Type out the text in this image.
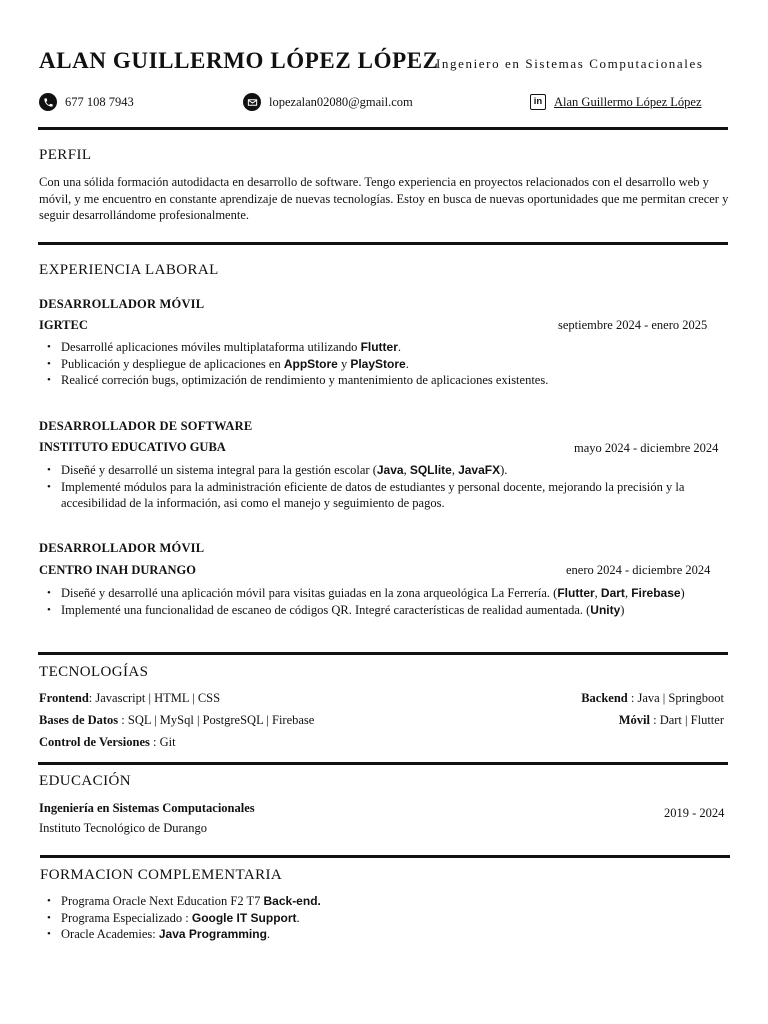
ALAN GUILLERMO LÓPEZ LÓPEZ
Ingeniero en Sistemas Computacionales
677 108 7943	lopezalan02080@gmail.com	in Alan Guillermo López López
PERFIL
Con una sólida formación autodidacta en desarrollo de software. Tengo experiencia en proyectos relacionados con el desarrollo web y móvil, y me encuentro en constante aprendizaje de nuevas tecnologías. Estoy en busca de nuevas oportunidades que me permitan crecer y seguir desarrollándome profesionalmente.
EXPERIENCIA LABORAL
DESARROLLADOR MÓVIL
IGRTEC	septiembre 2024 - enero 2025
• Desarrollé aplicaciones móviles multiplataforma utilizando Flutter.
• Publicación y despliegue de aplicaciones en AppStore y PlayStore.
• Realicé correción bugs, optimización de rendimiento y mantenimiento de aplicaciones existentes.
DESARROLLADOR DE SOFTWARE
INSTITUTO EDUCATIVO GUBA	mayo 2024 - diciembre 2024
• Diseñé y desarrollé un sistema integral para la gestión escolar (Java, SQLlite, JavaFX).
• Implementé módulos para la administración eficiente de datos de estudiantes y personal docente, mejorando la precisión y la accesibilidad de la información, asi como el manejo y seguimiento de pagos.
DESARROLLADOR MÓVIL
CENTRO INAH DURANGO	enero 2024 - diciembre 2024
• Diseñé y desarrollé una aplicación móvil para visitas guiadas en la zona arqueológica La Ferrería. (Flutter, Dart, Firebase)
• Implementé una funcionalidad de escaneo de códigos QR. Integré características de realidad aumentada. (Unity)
TECNOLOGÍAS
Frontend: Javascript | HTML | CSS	Backend : Java | Springboot
Bases de Datos : SQL | MySql | PostgreSQL | Firebase	Móvil : Dart | Flutter
Control de Versiones : Git
EDUCACIÓN
Ingeniería en Sistemas Computacionales	2019 - 2024
Instituto Tecnológico de Durango
FORMACION COMPLEMENTARIA
• Programa Oracle Next Education F2 T7 Back-end.
• Programa Especializado : Google IT Support.
• Oracle Academies: Java Programming.
